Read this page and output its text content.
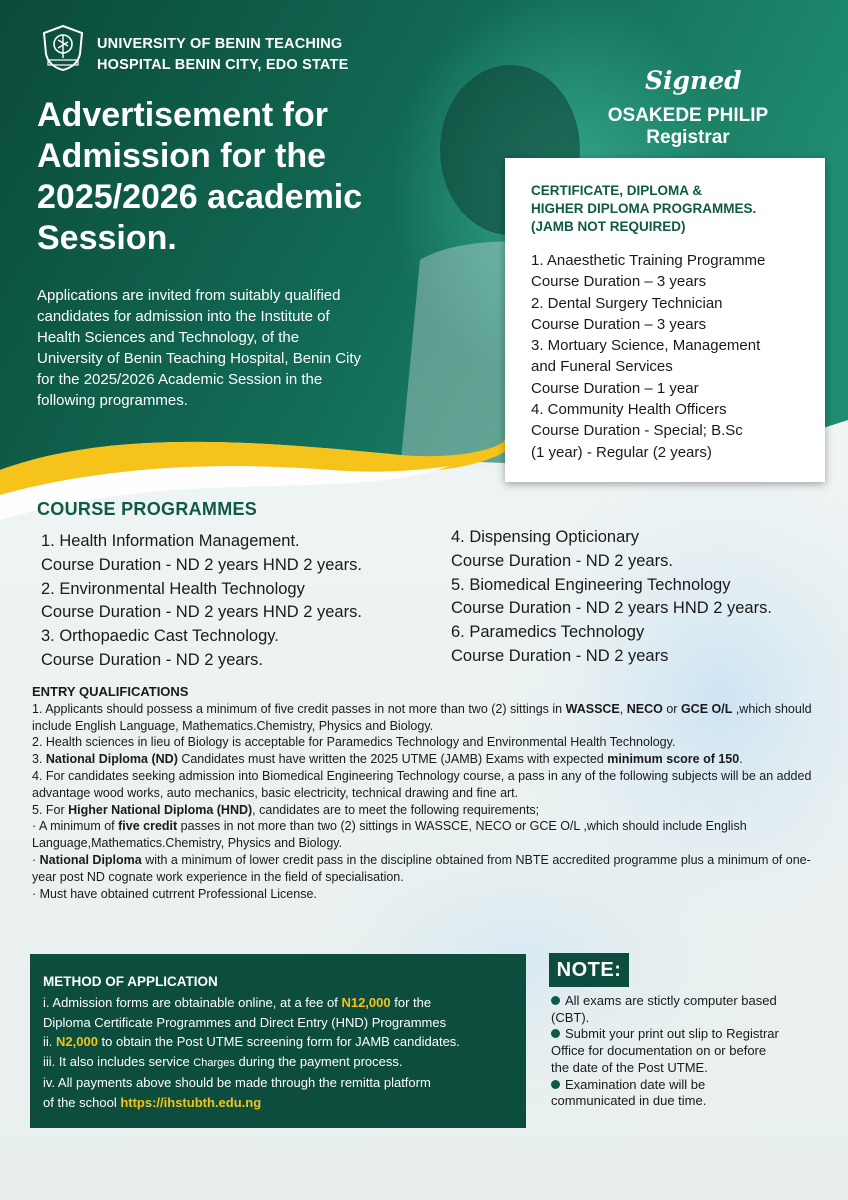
UNIVERSITY OF BENIN TEACHING
HOSPITAL BENIN CITY, EDO STATE
Advertisement for
Admission for the
2025/2026 academic
Session.
Applications are invited from suitably qualified
candidates for admission into the Institute of
Health Sciences and Technology, of the
University of Benin Teaching Hospital, Benin City
for the 2025/2026 Academic Session in the
following programmes.
Signed
OSAKEDE PHILIP
Registrar
CERTIFICATE, DIPLOMA &
HIGHER DIPLOMA PROGRAMMES.
(JAMB NOT REQUIRED)
1. Anaesthetic Training Programme
Course Duration – 3 years
2. Dental Surgery Technician
Course Duration – 3 years
3. Mortuary Science, Management
and Funeral Services
Course Duration – 1 year
4. Community Health Officers
Course Duration - Special; B.Sc
(1 year) - Regular (2 years)
COURSE PROGRAMMES
1. Health Information Management.
Course Duration - ND 2 years HND 2 years.
2. Environmental Health Technology
Course Duration - ND 2 years HND 2 years.
3. Orthopaedic Cast Technology.
Course Duration - ND 2 years.
4. Dispensing Opticionary
Course Duration - ND 2 years.
5. Biomedical Engineering Technology
Course Duration - ND 2 years HND 2 years.
6. Paramedics Technology
Course Duration - ND 2 years
ENTRY QUALIFICATIONS
1. Applicants should possess a minimum of five credit passes in not more than two (2) sittings in WASSCE, NECO or GCE O/L ,which should include English Language, Mathematics.Chemistry, Physics and Biology.
2. Health sciences in lieu of Biology is acceptable for Paramedics Technology and Environmental Health Technology.
3. National Diploma (ND) Candidates must have written the 2025 UTME (JAMB) Exams with expected minimum score of 150.
4. For candidates seeking admission into Biomedical Engineering Technology course, a pass in any of the following subjects will be an added advantage wood works, auto mechanics, basic electricity, technical drawing and fine art.
5. For Higher National Diploma (HND), candidates are to meet the following requirements;
· A minimum of five credit passes in not more than two (2) sittings in WASSCE, NECO or GCE O/L ,which should include English Language,Mathematics.Chemistry, Physics and Biology.
· National Diploma with a minimum of lower credit pass in the discipline obtained from NBTE accredited programme plus a minimum of one-year post ND cognate work experience in the field of specialisation.
· Must have obtained cutrrent Professional License.
METHOD OF APPLICATION
i. Admission forms are obtainable online, at a fee of N12,000 for the
Diploma Certificate Programmes and Direct Entry (HND) Programmes
ii. N2,000 to obtain the Post UTME screening form for JAMB candidates.
iii. It also includes service Charges during the payment process.
iv. All payments above should be made through the remitta platform
of the school https://ihstubth.edu.ng
NOTE:
All exams are stictly computer based
(CBT).
Submit your print out slip to Registrar
Office for documentation on or before
the date of the Post UTME.
Examination date will be
communicated in due time.
